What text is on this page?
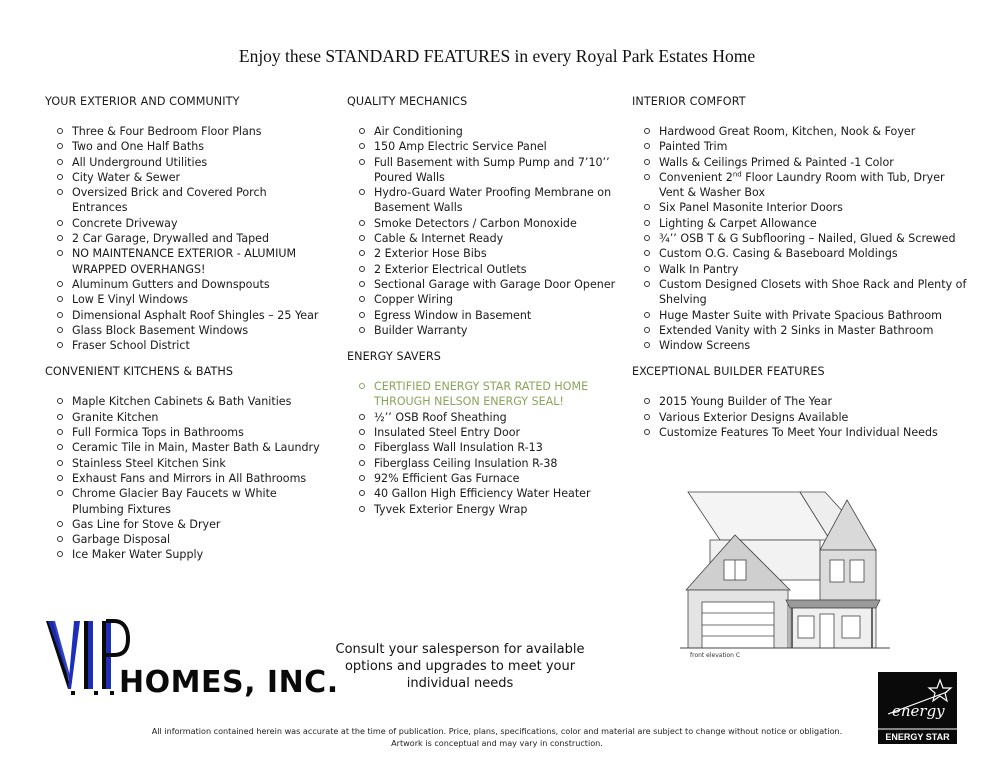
Enjoy these STANDARD FEATURES in every Royal Park Estates Home
YOUR EXTERIOR AND COMMUNITY
Three & Four Bedroom Floor Plans
Two and One Half Baths
All Underground Utilities
City Water & Sewer
Oversized Brick and Covered Porch Entrances
Concrete Driveway
2 Car Garage, Drywalled and Taped
NO MAINTENANCE EXTERIOR - ALUMIUM WRAPPED OVERHANGS!
Aluminum Gutters and Downspouts
Low E Vinyl Windows
Dimensional Asphalt Roof Shingles – 25 Year
Glass Block Basement Windows
Fraser School District
CONVENIENT KITCHENS & BATHS
Maple Kitchen Cabinets & Bath Vanities
Granite Kitchen
Full Formica Tops in Bathrooms
Ceramic Tile in Main, Master Bath & Laundry
Stainless Steel Kitchen Sink
Exhaust Fans and Mirrors in All Bathrooms
Chrome Glacier Bay Faucets w White Plumbing Fixtures
Gas Line for Stove & Dryer
Garbage Disposal
Ice Maker Water Supply
QUALITY MECHANICS
Air Conditioning
150 Amp Electric Service Panel
Full Basement with Sump Pump and 7’10’’ Poured Walls
Hydro-Guard Water Proofing Membrane on Basement Walls
Smoke Detectors / Carbon Monoxide
Cable & Internet Ready
2 Exterior Hose Bibs
2 Exterior Electrical Outlets
Sectional Garage with Garage Door Opener
Copper Wiring
Egress Window in Basement
Builder Warranty
ENERGY SAVERS
CERTIFIED ENERGY STAR RATED HOME THROUGH NELSON ENERGY SEAL!
½’’ OSB Roof Sheathing
Insulated Steel Entry Door
Fiberglass Wall Insulation R-13
Fiberglass Ceiling Insulation R-38
92% Efficient Gas Furnace
40 Gallon High Efficiency Water Heater
Tyvek Exterior Energy Wrap
INTERIOR COMFORT
Hardwood Great Room, Kitchen, Nook & Foyer
Painted Trim
Walls & Ceilings Primed & Painted -1 Color
Convenient 2nd Floor Laundry Room with Tub, Dryer Vent & Washer Box
Six Panel Masonite Interior Doors
Lighting & Carpet Allowance
¾’’ OSB T & G Subflooring – Nailed, Glued & Screwed
Custom O.G. Casing & Baseboard Moldings
Walk In Pantry
Custom Designed Closets with Shoe Rack and Plenty of Shelving
Huge Master Suite with Private Spacious Bathroom
Extended Vanity with 2 Sinks in Master Bathroom
Window Screens
EXCEPTIONAL BUILDER FEATURES
2015 Young Builder of The Year
Various Exterior Designs Available
Customize Features To Meet Your Individual Needs
front elevation C
HOMES, INC.
Consult your salesperson for available options and upgrades to meet your individual needs
energy
ENERGY STAR
All information contained herein was accurate at the time of publication. Price, plans, specifications, color and material are subject to change without notice or obligation.
Artwork is conceptual and may vary in construction.
